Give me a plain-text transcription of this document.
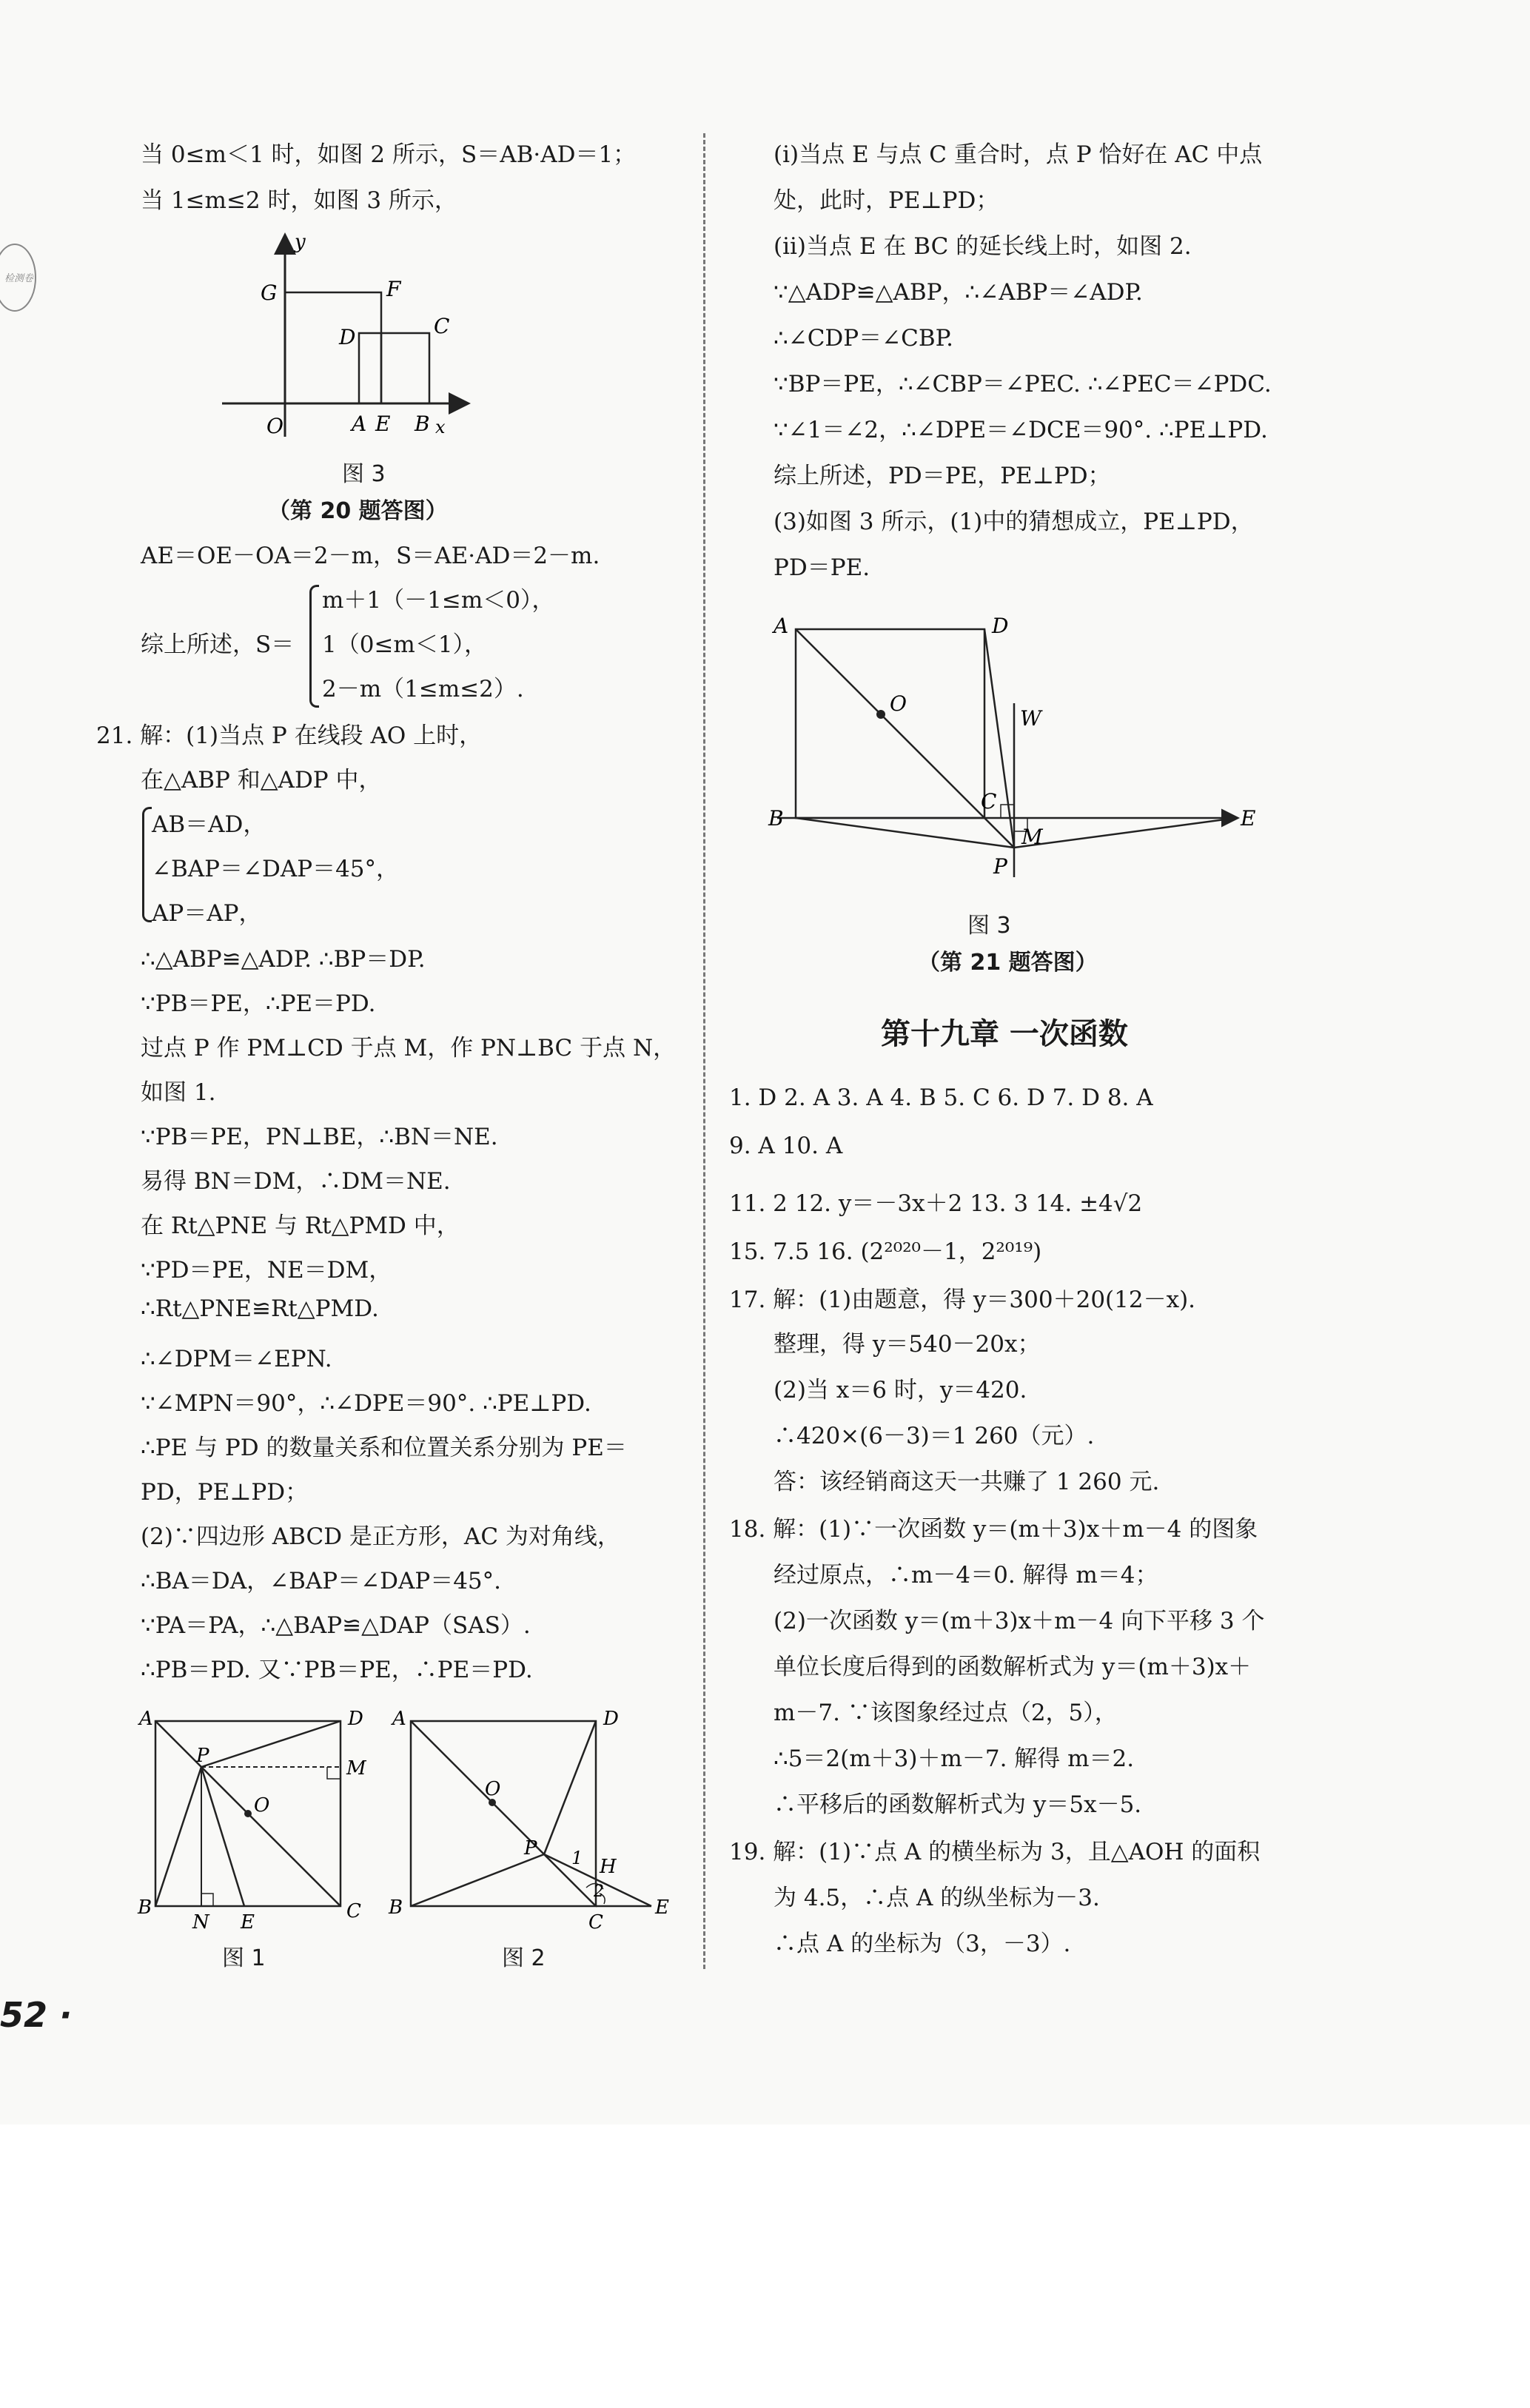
检测卷
当 0≤m＜1 时，如图 2 所示，S＝AB·AD＝1；
当 1≤m≤2 时，如图 3 所示，
y
G	F
D	C
O	A E B x
图 3
（第 20 题答图）
AE＝OE－OA＝2－m，S＝AE·AD＝2－m.
综上所述，S＝
m＋1（－1≤m＜0），
1（0≤m＜1），
2－m（1≤m≤2）.
21. 解：(1)当点 P 在线段 AO 上时，
在△ABP 和△ADP 中，
AB＝AD，
∠BAP＝∠DAP＝45°，
AP＝AP，
∴△ABP≌△ADP. ∴BP＝DP.
∵PB＝PE，∴PE＝PD.
过点 P 作 PM⊥CD 于点 M，作 PN⊥BC 于点 N，
如图 1.
∵PB＝PE，PN⊥BE，∴BN＝NE.
易得 BN＝DM，∴DM＝NE.
在 Rt△PNE 与 Rt△PMD 中，
∵PD＝PE，NE＝DM，
∴Rt△PNE≌Rt△PMD.
∴∠DPM＝∠EPN.
∵∠MPN＝90°，∴∠DPE＝90°. ∴PE⊥PD.
∴PE 与 PD 的数量关系和位置关系分别为 PE＝
PD，PE⊥PD；
(2)∵四边形 ABCD 是正方形，AC 为对角线，
∴BA＝DA，∠BAP＝∠DAP＝45°.
∵PA＝PA，∴△BAP≌△DAP（SAS）.
∴PB＝PD. 又∵PB＝PE，∴PE＝PD.
A	D
P
M
O
B
N E	C
图 1
A	D
O
P 1 H
2
B
C
E
图 2
(i)当点 E 与点 C 重合时，点 P 恰好在 AC 中点
处，此时，PE⊥PD；
(ii)当点 E 在 BC 的延长线上时，如图 2.
∵△ADP≌△ABP，∴∠ABP＝∠ADP.
∴∠CDP＝∠CBP.
∵BP＝PE，∴∠CBP＝∠PEC. ∴∠PEC＝∠PDC.
∵∠1＝∠2，∴∠DPE＝∠DCE＝90°. ∴PE⊥PD.
综上所述，PD＝PE，PE⊥PD；
(3)如图 3 所示，(1)中的猜想成立，PE⊥PD，
PD＝PE.
A	D
O
W
B
C
M
E
P
图 3
（第 21 题答图）
第十九章 一次函数
1. D 2. A 3. A 4. B 5. C 6. D 7. D 8. A
9. A 10. A
11. 2 12. y＝－3x＋2 13. 3 14. ±4√2
15. 7.5 16. (2²⁰²⁰－1，2²⁰¹⁹)
17. 解：(1)由题意，得 y＝300＋20(12－x).
整理，得 y＝540－20x；
(2)当 x＝6 时，y＝420.
∴420×(6－3)＝1 260（元）.
答：该经销商这天一共赚了 1 260 元.
18. 解：(1)∵一次函数 y＝(m＋3)x＋m－4 的图象
经过原点，∴m－4＝0. 解得 m＝4；
(2)一次函数 y＝(m＋3)x＋m－4 向下平移 3 个
单位长度后得到的函数解析式为 y＝(m＋3)x＋
m－7. ∵该图象经过点（2，5），
∴5＝2(m＋3)＋m－7. 解得 m＝2.
∴平移后的函数解析式为 y＝5x－5.
19. 解：(1)∵点 A 的横坐标为 3，且△AOH 的面积
为 4.5，∴点 A 的纵坐标为－3.
∴点 A 的坐标为（3，－3）.
52 ·
